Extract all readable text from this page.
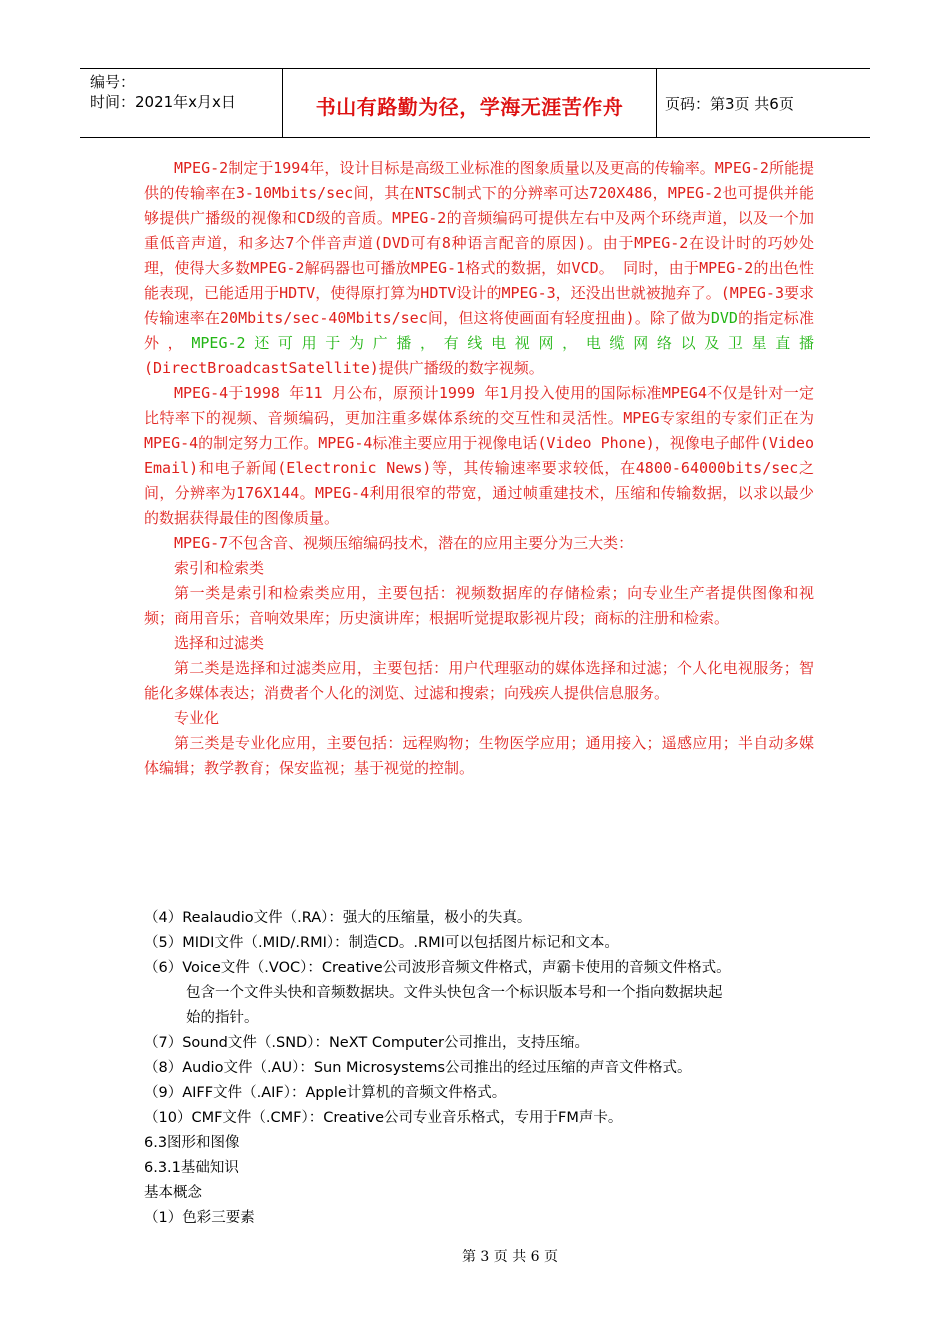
编号：
时间：2021年x月x日	书山有路勤为径，学海无涯苦作舟	页码：第3页 共6页

MPEG-2制定于1994年，设计目标是高级工业标准的图象质量以及更高的传输率。MPEG-2所能提供的传输率在3-10Mbits/sec间，其在NTSC制式下的分辨率可达720X486，MPEG-2也可提供并能够提供广播级的视像和CD级的音质。MPEG-2的音频编码可提供左右中及两个环绕声道，以及一个加重低音声道，和多达7个伴音声道(DVD可有8种语言配音的原因)。由于MPEG-2在设计时的巧妙处理，使得大多数MPEG-2解码器也可播放MPEG-1格式的数据，如VCD。 同时，由于MPEG-2的出色性能表现，已能适用于HDTV，使得原打算为HDTV设计的MPEG-3，还没出世就被抛弃了。(MPEG-3要求传输速率在20Mbits/sec-40Mbits/sec间，但这将使画面有轻度扭曲)。除了做为DVD的指定标准外，MPEG-2还可用于为广播，有线电视网，电缆网络以及卫星直播(DirectBroadcastSatellite)提供广播级的数字视频。

MPEG-4于1998 年11 月公布，原预计1999 年1月投入使用的国际标准MPEG4不仅是针对一定比特率下的视频、音频编码，更加注重多媒体系统的交互性和灵活性。MPEG专家组的专家们正在为MPEG-4的制定努力工作。MPEG-4标准主要应用于视像电话(Video Phone)，视像电子邮件(Video Email)和电子新闻(Electronic News)等，其传输速率要求较低，在4800-64000bits/sec之间，分辨率为176X144。MPEG-4利用很窄的带宽，通过帧重建技术，压缩和传输数据，以求以最少的数据获得最佳的图像质量。

MPEG-7不包含音、视频压缩编码技术，潜在的应用主要分为三大类：

索引和检索类

第一类是索引和检索类应用，主要包括：视频数据库的存储检索；向专业生产者提供图像和视频；商用音乐；音响效果库；历史演讲库；根据听觉提取影视片段；商标的注册和检索。

选择和过滤类

第二类是选择和过滤类应用，主要包括：用户代理驱动的媒体选择和过滤；个人化电视服务；智能化多媒体表达；消费者个人化的浏览、过滤和搜索；向残疾人提供信息服务。

专业化

第三类是专业化应用，主要包括：远程购物；生物医学应用；通用接入；遥感应用；半自动多媒体编辑；教学教育；保安监视；基于视觉的控制。

（4）Realaudio文件（.RA）：强大的压缩量，极小的失真。

（5）MIDI文件（.MID/.RMI）：制造CD。.RMI可以包括图片标记和文本。

（6）Voice文件（.VOC）：Creative公司波形音频文件格式，声霸卡使用的音频文件格式。

包含一个文件头快和音频数据块。文件头快包含一个标识版本号和一个指向数据块起

始的指针。

（7）Sound文件（.SND）：NeXT Computer公司推出，支持压缩。

（8）Audio文件（.AU）：Sun Microsystems公司推出的经过压缩的声音文件格式。

（9）AIFF文件（.AIF）：Apple计算机的音频文件格式。

（10）CMF文件（.CMF）：Creative公司专业音乐格式，专用于FM声卡。

6.3图形和图像

6.3.1基础知识

基本概念

（1）色彩三要素

第 3 页 共 6 页
